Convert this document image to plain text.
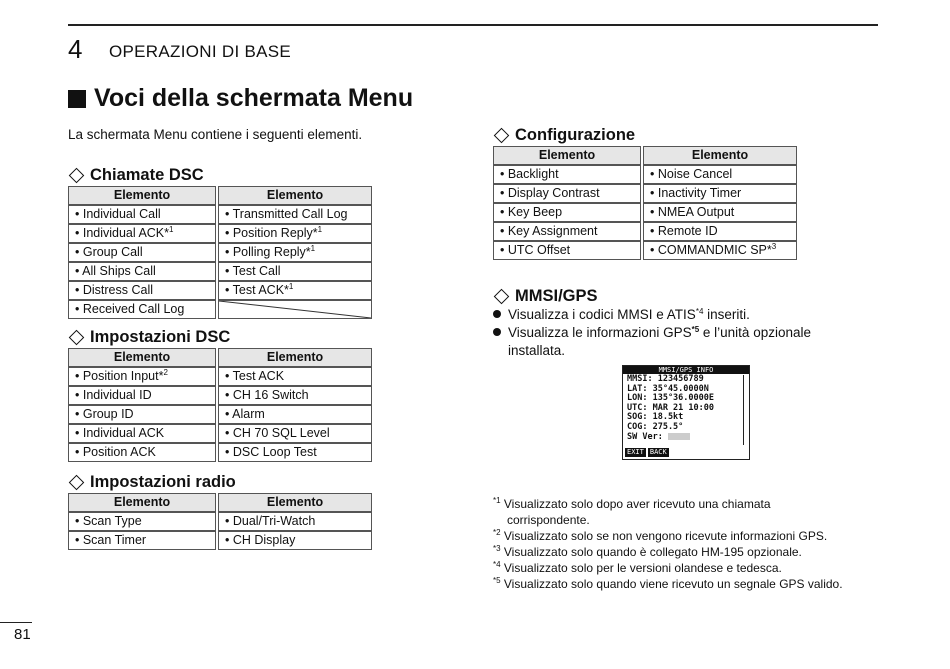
4 OPERAZIONI DI BASE
Voci della schermata Menu
La schermata Menu contiene i seguenti elementi.
Chiamate DSC
Elemento		Elemento
• Individual Call		• Transmitted Call Log
• Individual ACK*$^1$		• Position Reply*$^1$
• Group Call		• Polling Reply*$^1$
• All Ships Call		• Test Call
• Distress Call		• Test ACK*$^1$
• Received Call Log		
Impostazioni DSC
Elemento		Elemento
• Position Input*$^2$		• Test ACK
• Individual ID		• CH 16 Switch
• Group ID		• Alarm
• Individual ACK		• CH 70 SQL Level
• Position ACK		• DSC Loop Test
Impostazioni radio
Elemento		Elemento
• Scan Type		• Dual/Tri-Watch
• Scan Timer		• CH Display
Configurazione
Elemento		Elemento
• Backlight		• Noise Cancel
• Display Contrast		• Inactivity Timer
• Key Beep		• NMEA Output
• Key Assignment		• Remote ID
• UTC Offset		• COMMANDMIC SP*$^3$
MMSI/GPS
Visualizza i codici MMSI e ATIS$^{*4}$ inseriti.
Visualizza le informazioni GPS$^{*5}$ e l’unità opzionale
installata.
MMSI/GPS INFO
MMSI: 123456789
LAT: 35°45.0000N
LON: 135°36.0000E
UTC: MAR 21 10:00
SOG: 18.5kt
COG: 275.5°
SW Ver:
EXIT BACK
$^{*1}$ Visualizzato solo dopo aver ricevuto una chiamata
corrispondente.
$^{*2}$ Visualizzato solo se non vengono ricevute informazioni GPS.
$^{*3}$ Visualizzato solo quando è collegato HM-195 opzionale.
$^{*4}$ Visualizzato solo per le versioni olandese e tedesca.
$^{*5}$ Visualizzato solo quando viene ricevuto un segnale GPS valido.
81
